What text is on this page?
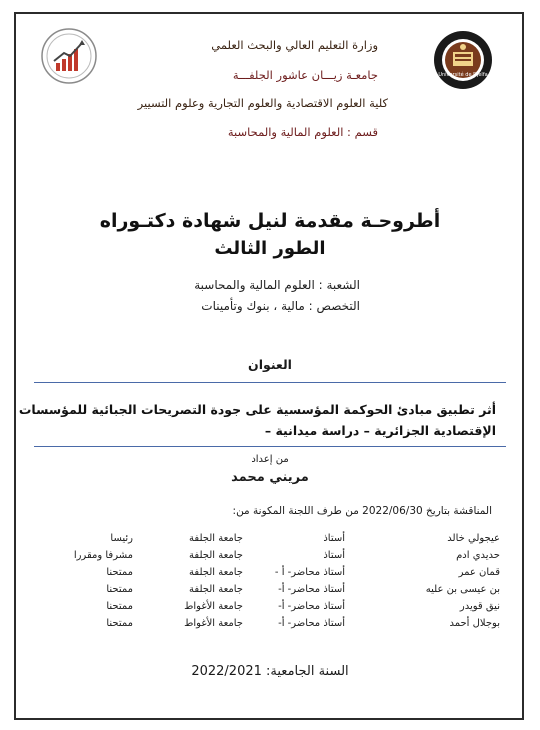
Université de Djelfa
وزارة التعليم العالي والبحث العلمي
جامعـة زيـــان عاشور الجلفـــة
كلية العلوم الاقتصادية والعلوم التجارية وعلوم التسيير
قسم : العلوم المالية والمحاسبة
أطروحـة مقدمة لنيل شهادة دكتـوراه
الطور الثالث
الشعبة : العلوم المالية والمحاسبة
التخصص : مالية ، بنوك وتأمينات
العنوان
أثر تطبيق مبادئ الحوكمة المؤسسية على جودة التصريحات الجبائية للمؤسسات
الإقتصادية الجزائرية – دراسة ميدانية –
من إعداد
مريني محمد
المناقشة بتاريخ 2022/06/30 من طرف اللجنة المكونة من:
عيجولي خالد
أستاذ
جامعة الجلفة
رئيسا
حديدي ادم
أستاذ
جامعة الجلفة
مشرفا ومقررا
قمان عمر
أستاذ محاضر- أ -
جامعة الجلفة
ممتحنا
بن عيسى بن عليه
أستاذ محاضر- أ-
جامعة الجلفة
ممتحنا
نيق قويدر
أستاذ محاضر- أ-
جامعة الأغواط
ممتحنا
بوجلال أحمد
أستاذ محاضر- أ-
جامعة الأغواط
ممتحنا
السنة الجامعية: 2022/2021
